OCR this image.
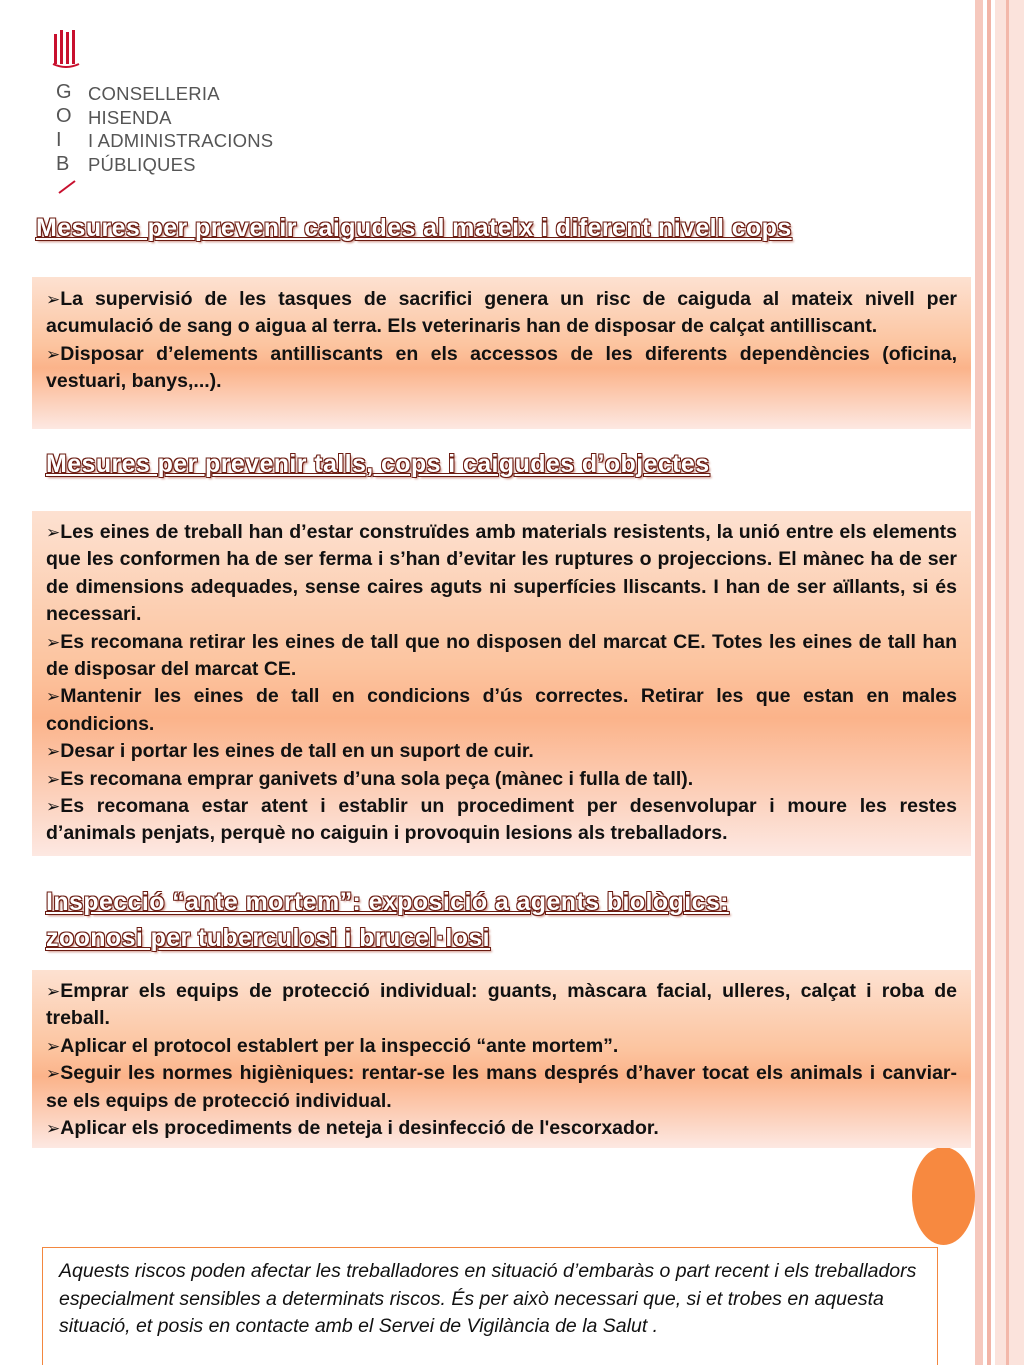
G
O
I
B
CONSELLERIA
HISENDA
I ADMINISTRACIONS
PÚBLIQUES
Mesures per prevenir caigudes al mateix i diferent nivell cops
➢La supervisió de les tasques de sacrifici genera un risc de caiguda al mateix nivell per acumulació de sang o aigua al terra. Els veterinaris han de disposar de calçat antilliscant.
➢Disposar d’elements antilliscants en els accessos de les diferents dependències (oficina, vestuari, banys,...).
Mesures per prevenir talls, cops i caigudes d’objectes
➢Les eines de treball han d’estar construïdes amb materials resistents, la unió entre els elements que les conformen ha de ser ferma i s’han d’evitar les ruptures o projeccions. El mànec ha de ser de dimensions adequades, sense caires aguts ni superfícies lliscants. I han de ser aïllants, si és necessari.
➢Es recomana retirar les eines de tall que no disposen del marcat CE. Totes les eines de tall han de disposar del marcat CE.
➢Mantenir les eines de tall en condicions d’ús correctes. Retirar les que estan en males condicions.
➢Desar i portar les eines de tall en un suport de cuir.
➢Es recomana emprar ganivets d’una sola peça (mànec i fulla de tall).
➢Es recomana estar atent i establir un procediment per desenvolupar i moure les restes d’animals penjats, perquè no caiguin i provoquin lesions als treballadors.
Inspecció “ante mortem”: exposició a agents biològics:
zoonosi per tuberculosi i brucel·losi
➢Emprar els equips de protecció individual: guants, màscara facial, ulleres, calçat i roba de treball.
➢Aplicar el protocol establert per la inspecció “ante mortem”.
➢Seguir les normes higièniques: rentar-se les mans després d’haver tocat els animals i canviar-se els equips de protecció individual.
➢Aplicar els procediments de neteja i desinfecció de l'escorxador.

Aquests riscos poden afectar les treballadores en situació d’embaràs o part recent i els treballadors especialment sensibles a determinats riscos. És per això necessari que, si et trobes en aquesta situació, et posis en contacte amb el Servei de Vigilància de la Salut .
